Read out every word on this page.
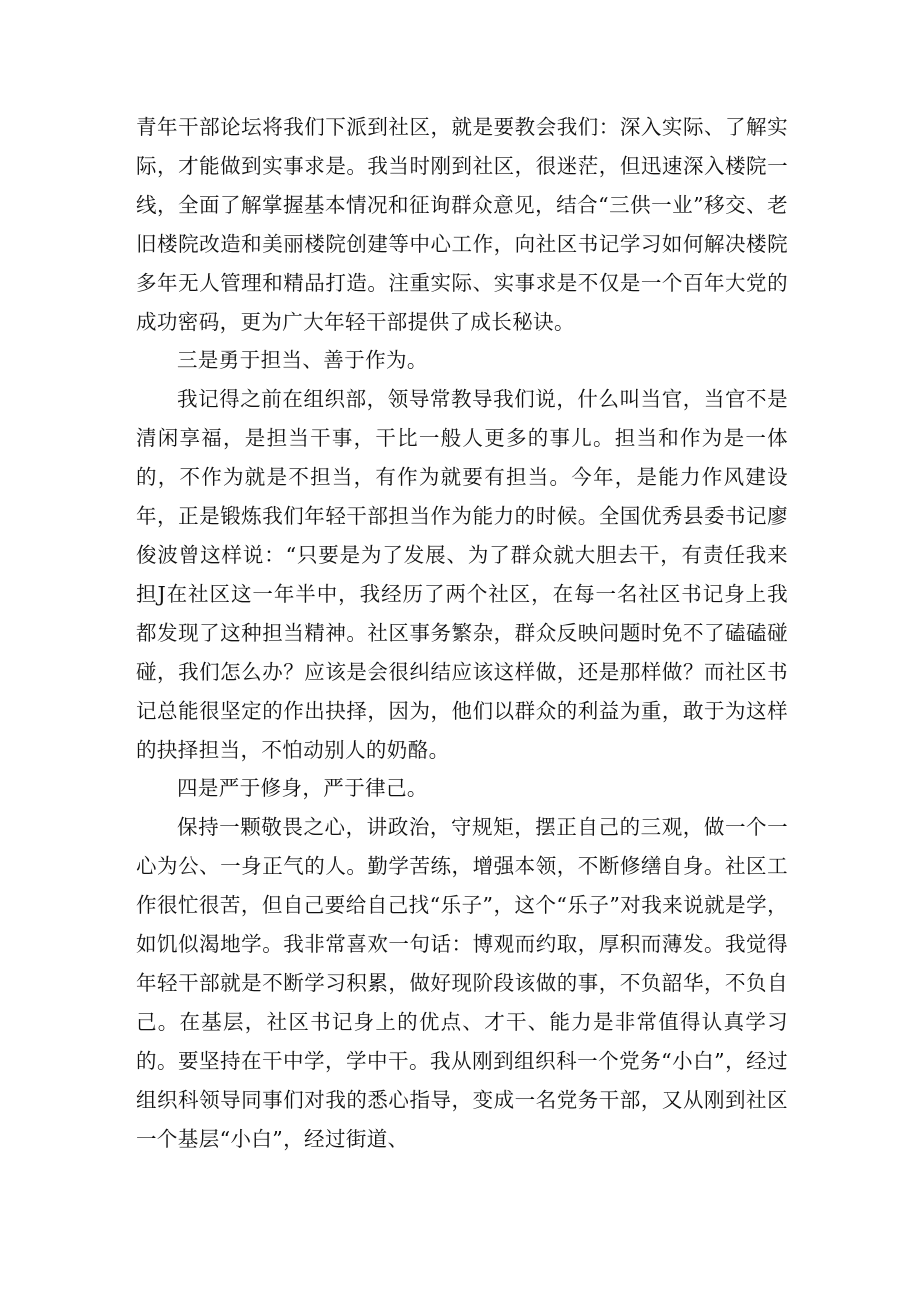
青年干部论坛将我们下派到社区，就是要教会我们：深入实际、了解实际，才能做到实事求是。我当时刚到社区，很迷茫，但迅速深入楼院一线，全面了解掌握基本情况和征询群众意见，结合“三供一业”移交、老旧楼院改造和美丽楼院创建等中心工作，向社区书记学习如何解决楼院多年无人管理和精品打造。注重实际、实事求是不仅是一个百年大党的成功密码，更为广大年轻干部提供了成长秘诀。

三是勇于担当、善于作为。

我记得之前在组织部，领导常教导我们说，什么叫当官，当官不是清闲享福，是担当干事，干比一般人更多的事儿。担当和作为是一体的，不作为就是不担当，有作为就要有担当。今年，是能力作风建设年，正是锻炼我们年轻干部担当作为能力的时候。全国优秀县委书记廖俊波曾这样说：“只要是为了发展、为了群众就大胆去干，有责任我来担J在社区这一年半中，我经历了两个社区，在每一名社区书记身上我都发现了这种担当精神。社区事务繁杂，群众反映问题时免不了磕磕碰碰，我们怎么办？应该是会很纠结应该这样做，还是那样做？而社区书记总能很坚定的作出抉择，因为，他们以群众的利益为重，敢于为这样的抉择担当，不怕动别人的奶酪。

四是严于修身，严于律己。

保持一颗敬畏之心，讲政治，守规矩，摆正自己的三观，做一个一心为公、一身正气的人。勤学苦练，增强本领，不断修缮自身。社区工作很忙很苦，但自己要给自己找“乐子”，这个“乐子”对我来说就是学，如饥似渴地学。我非常喜欢一句话：博观而约取，厚积而薄发。我觉得年轻干部就是不断学习积累，做好现阶段该做的事，不负韶华，不负自己。在基层，社区书记身上的优点、才干、能力是非常值得认真学习的。要坚持在干中学，学中干。我从刚到组织科一个党务“小白”，经过组织科领导同事们对我的悉心指导，变成一名党务干部，又从刚到社区一个基层“小白”，经过街道、
